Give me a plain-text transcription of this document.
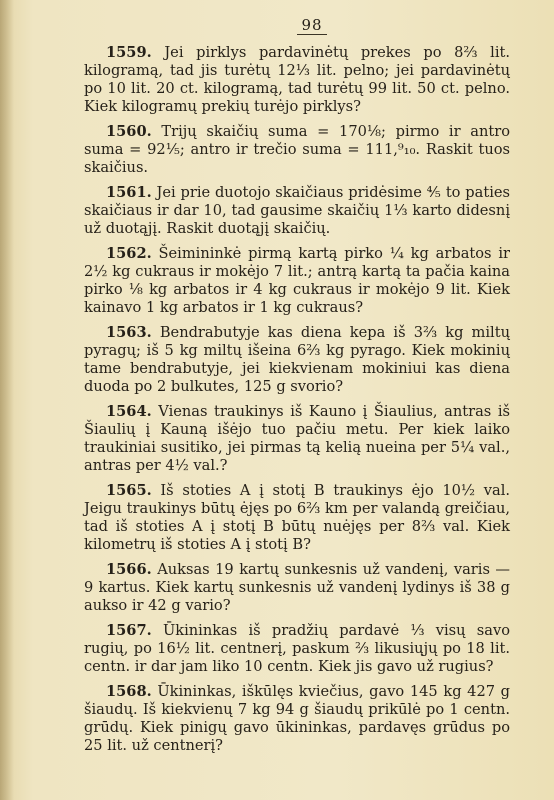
98

1559. Jei pirklys pardavinėtų prekes po 8⅔ lit. kilogramą, tad jis turėtų 12⅓ lit. pelno; jei pardavinėtų po 10 lit. 20 ct. kilogramą, tad turėtų 99 lit. 50 ct. pelno. Kiek kilogramų prekių turėjo pirklys?

1560. Trijų skaičių suma = 170⅛; pirmo ir antro suma = 92⅕; antro ir trečio suma = 111,⁹₁₀. Raskit tuos skaičius.

1561. Jei prie duotojo skaičiaus pridėsime ⅘ to paties skaičiaus ir dar 10, tad gausime skaičių 1⅓ karto didesnį už duotąjį. Raskit duotąjį skaičių.

1562. Šeimininkė pirmą kartą pirko ¼ kg arbatos ir 2½ kg cukraus ir mokėjo 7 lit.; antrą kartą ta pačia kaina pirko ⅛ kg arbatos ir 4 kg cukraus ir mokėjo 9 lit. Kiek kainavo 1 kg arbatos ir 1 kg cukraus?

1563. Bendrabutyje kas diena kepa iš 3⅔ kg miltų pyragų; iš 5 kg miltų išeina 6⅔ kg pyrago. Kiek mokinių tame bendrabutyje, jei kiekvienam mokiniui kas diena duoda po 2 bulkutes, 125 g svorio?

1564. Vienas traukinys iš Kauno į Šiaulius, antras iš Šiaulių į Kauną išėjo tuo pačiu metu. Per kiek laiko traukiniai susitiko, jei pirmas tą kelią nueina per 5¼ val., antras per 4½ val.?

1565. Iš stoties A į stotį B traukinys ėjo 10½ val. Jeigu traukinys būtų ėjęs po 6⅔ km per valandą greičiau, tad iš stoties A į stotį B būtų nuėjęs per 8⅔ val. Kiek kilometrų iš stoties A į stotį B?

1566. Auksas 19 kartų sunkesnis už vandenį, varis — 9 kartus. Kiek kartų sunkesnis už vandenį lydinys iš 38 g aukso ir 42 g vario?

1567. Ūkininkas iš pradžių pardavė ⅓ visų savo rugių, po 16½ lit. centnerį, paskum ⅔ likusiųjų po 18 lit. centn. ir dar jam liko 10 centn. Kiek jis gavo už rugius?

1568. Ūkininkas, iškūlęs kviečius, gavo 145 kg 427 g šiaudų. Iš kiekvienų 7 kg 94 g šiaudų prikūlė po 1 centn. grūdų. Kiek pinigų gavo ūkininkas, pardavęs grūdus po 25 lit. už centnerį?
